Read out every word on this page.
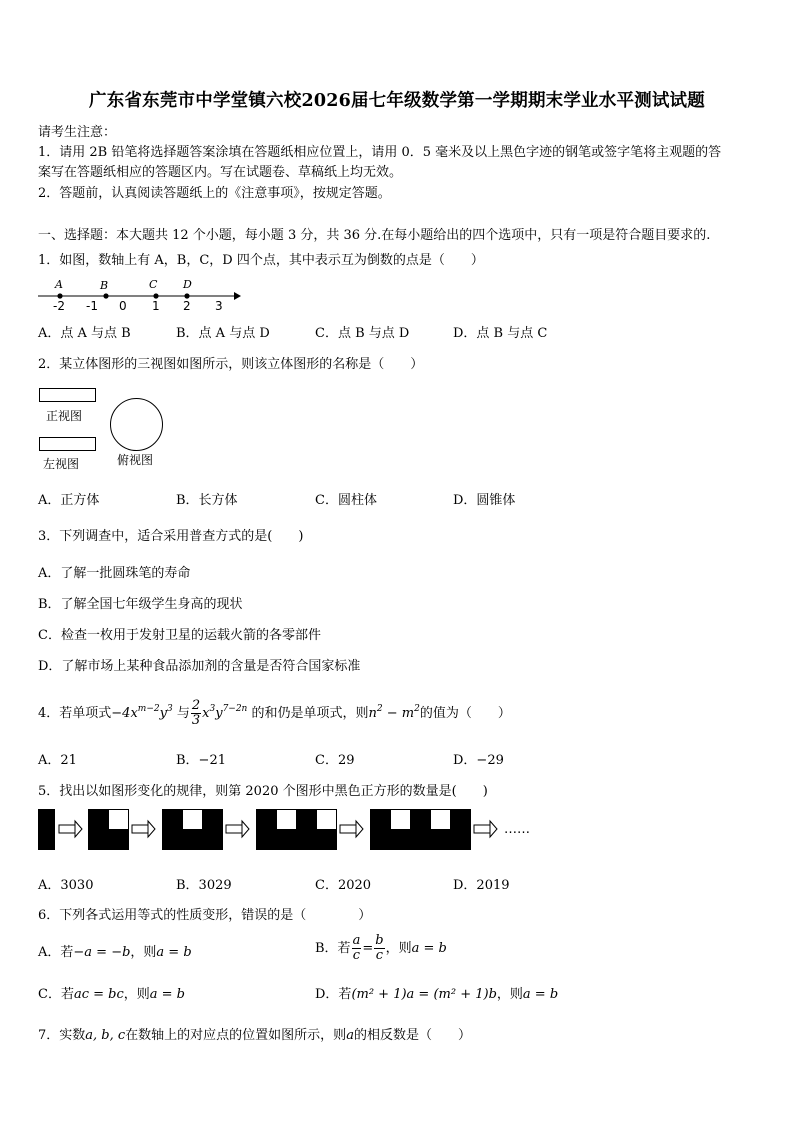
广东省东莞市中学堂镇六校2026届七年级数学第一学期期末学业水平测试试题
请考生注意：
1．请用 2B 铅笔将选择题答案涂填在答题纸相应位置上，请用 0．5 毫米及以上黑色字迹的钢笔或签字笔将主观题的答
案写在答题纸相应的答题区内。写在试题卷、草稿纸上均无效。
2．答题前，认真阅读答题纸上的《注意事项》，按规定答题。
一、选择题：本大题共 12 个小题，每小题 3 分，共 36 分.在每小题给出的四个选项中，只有一项是符合题目要求的.
1．如图，数轴上有 A，B，C，D 四个点，其中表示互为倒数的点是（　　）
A	B	C D
-2 -1 0 1 2 3
A．点 A 与点 B	B．点 A 与点 D	C．点 B 与点 D	D．点 B 与点 C
2．某立体图形的三视图如图所示，则该立体图形的名称是（　　）
正视图
左视图	俯视图
A．正方体	B．长方体	C．圆柱体	D．圆锥体
3．下列调查中，适合采用普查方式的是(　　)
A．了解一批圆珠笔的寿命
B．了解全国七年级学生身高的现状
C．检查一枚用于发射卫星的运载火箭的各零部件
D．了解市场上某种食品添加剂的含量是否符合国家标准
4．若单项式$-4x^{m-2}y^3$ 与 $\frac{2}{3} x^3y^{7-2n}$ 的和仍是单项式，则$n^2 - m^2$的值为（　　）
A．21	B．−21	C．29	D．−29
5．找出以如图形变化的规律，则第 2020 个图形中黑色正方形的数量是(　　)
……
A．3030	B．3029	C．2020	D．2019
6．下列各式运用等式的性质变形，错误的是（　　　　）
A．若−a = −b，则a = b	B．若 $\frac{a}{c} = \frac{b}{c}$ ，则a = b
C．若ac = bc，则a = b	D．若(m² + 1)a = (m² + 1)b，则a = b
7．实数a, b, c在数轴上的对应点的位置如图所示，则a的相反数是（　　）
